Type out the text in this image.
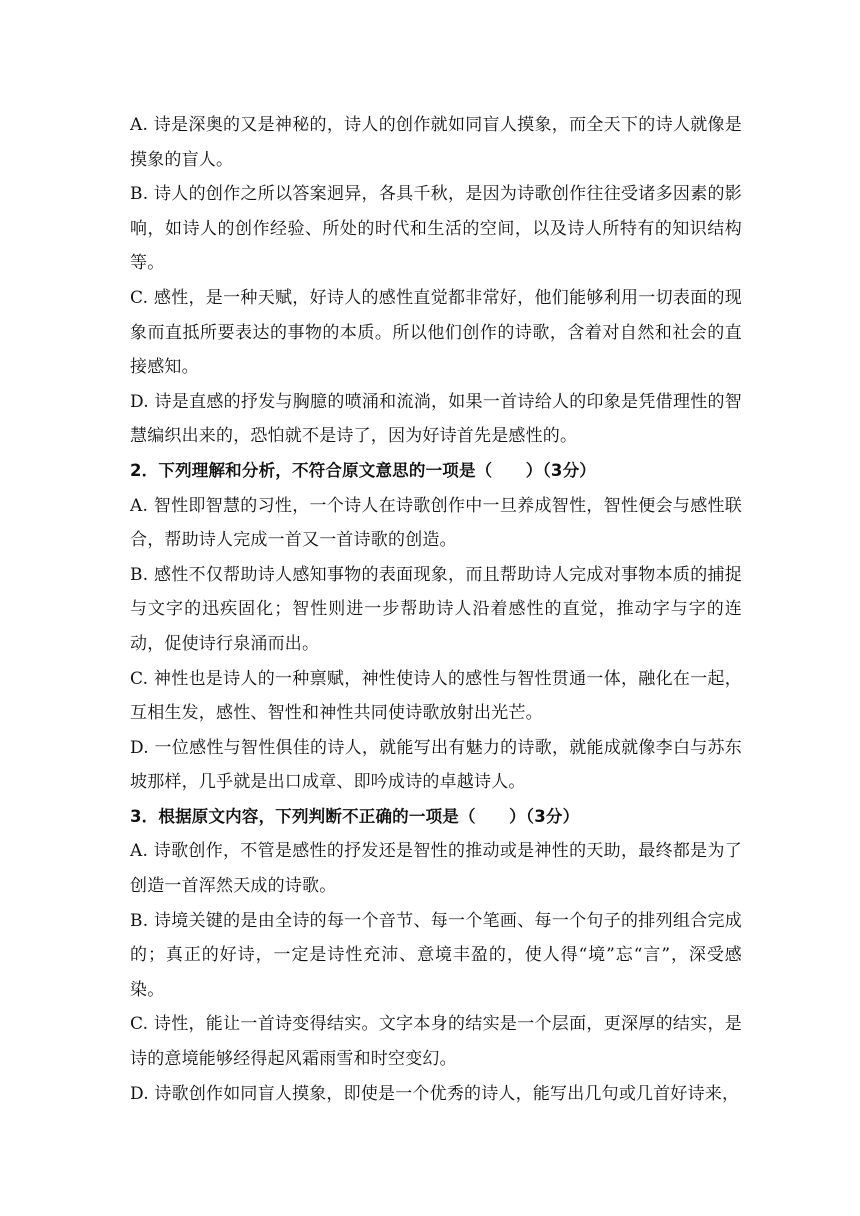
A. 诗是深奥的又是神秘的，诗人的创作就如同盲人摸象，而全天下的诗人就像是摸象的盲人。

B. 诗人的创作之所以答案迥异，各具千秋，是因为诗歌创作往往受诸多因素的影响，如诗人的创作经验、所处的时代和生活的空间，以及诗人所特有的知识结构等。

C. 感性，是一种天赋，好诗人的感性直觉都非常好，他们能够利用一切表面的现象而直抵所要表达的事物的本质。所以他们创作的诗歌，含着对自然和社会的直接感知。

D. 诗是直感的抒发与胸臆的喷涌和流淌，如果一首诗给人的印象是凭借理性的智慧编织出来的，恐怕就不是诗了，因为好诗首先是感性的。

2．下列理解和分析，不符合原文意思的一项是（　　）（3分）

A. 智性即智慧的习性，一个诗人在诗歌创作中一旦养成智性，智性便会与感性联合，帮助诗人完成一首又一首诗歌的创造。

B. 感性不仅帮助诗人感知事物的表面现象，而且帮助诗人完成对事物本质的捕捉与文字的迅疾固化；智性则进一步帮助诗人沿着感性的直觉，推动字与字的连动，促使诗行泉涌而出。

C. 神性也是诗人的一种禀赋，神性使诗人的感性与智性贯通一体，融化在一起，互相生发，感性、智性和神性共同使诗歌放射出光芒。

D. 一位感性与智性俱佳的诗人，就能写出有魅力的诗歌，就能成就像李白与苏东坡那样，几乎就是出口成章、即吟成诗的卓越诗人。

3．根据原文内容，下列判断不正确的一项是（　　）（3分）

A. 诗歌创作，不管是感性的抒发还是智性的推动或是神性的天助，最终都是为了创造一首浑然天成的诗歌。

B. 诗境关键的是由全诗的每一个音节、每一个笔画、每一个句子的排列组合完成的；真正的好诗，一定是诗性充沛、意境丰盈的，使人得“境”忘“言”，深受感染。

C. 诗性，能让一首诗变得结实。文字本身的结实是一个层面，更深厚的结实，是诗的意境能够经得起风霜雨雪和时空变幻。

D. 诗歌创作如同盲人摸象，即使是一个优秀的诗人，能写出几句或几首好诗来，
